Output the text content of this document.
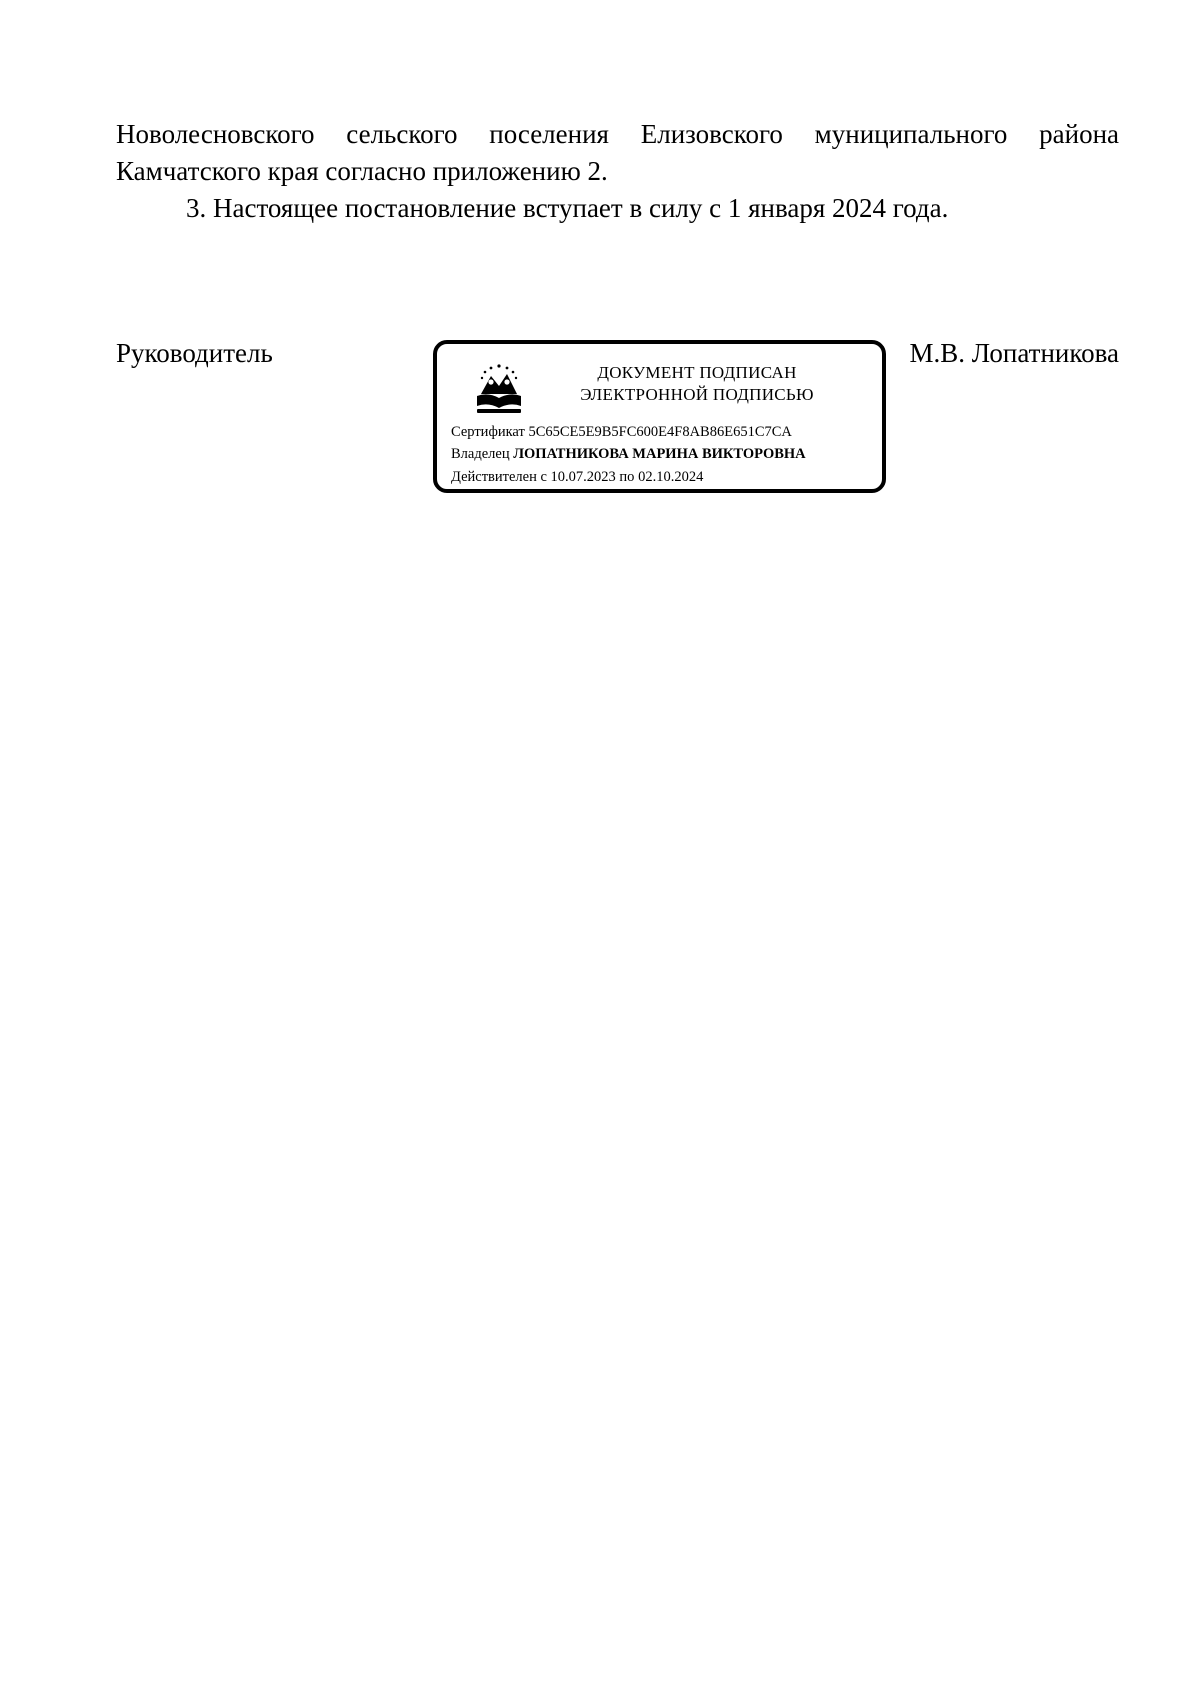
Новолесновского сельского поселения Елизовского муниципального района
Камчатского края согласно приложению 2.
3. Настоящее постановление вступает в силу с 1 января 2024 года.
Руководитель	М.В. Лопатникова
ДОКУМЕНТ ПОДПИСАН
ЭЛЕКТРОННОЙ ПОДПИСЬЮ
Сертификат 5C65CE5E9B5FC600E4F8AB86E651C7CA
Владелец ЛОПАТНИКОВА МАРИНА ВИКТОРОВНА
Действителен с 10.07.2023 по 02.10.2024
